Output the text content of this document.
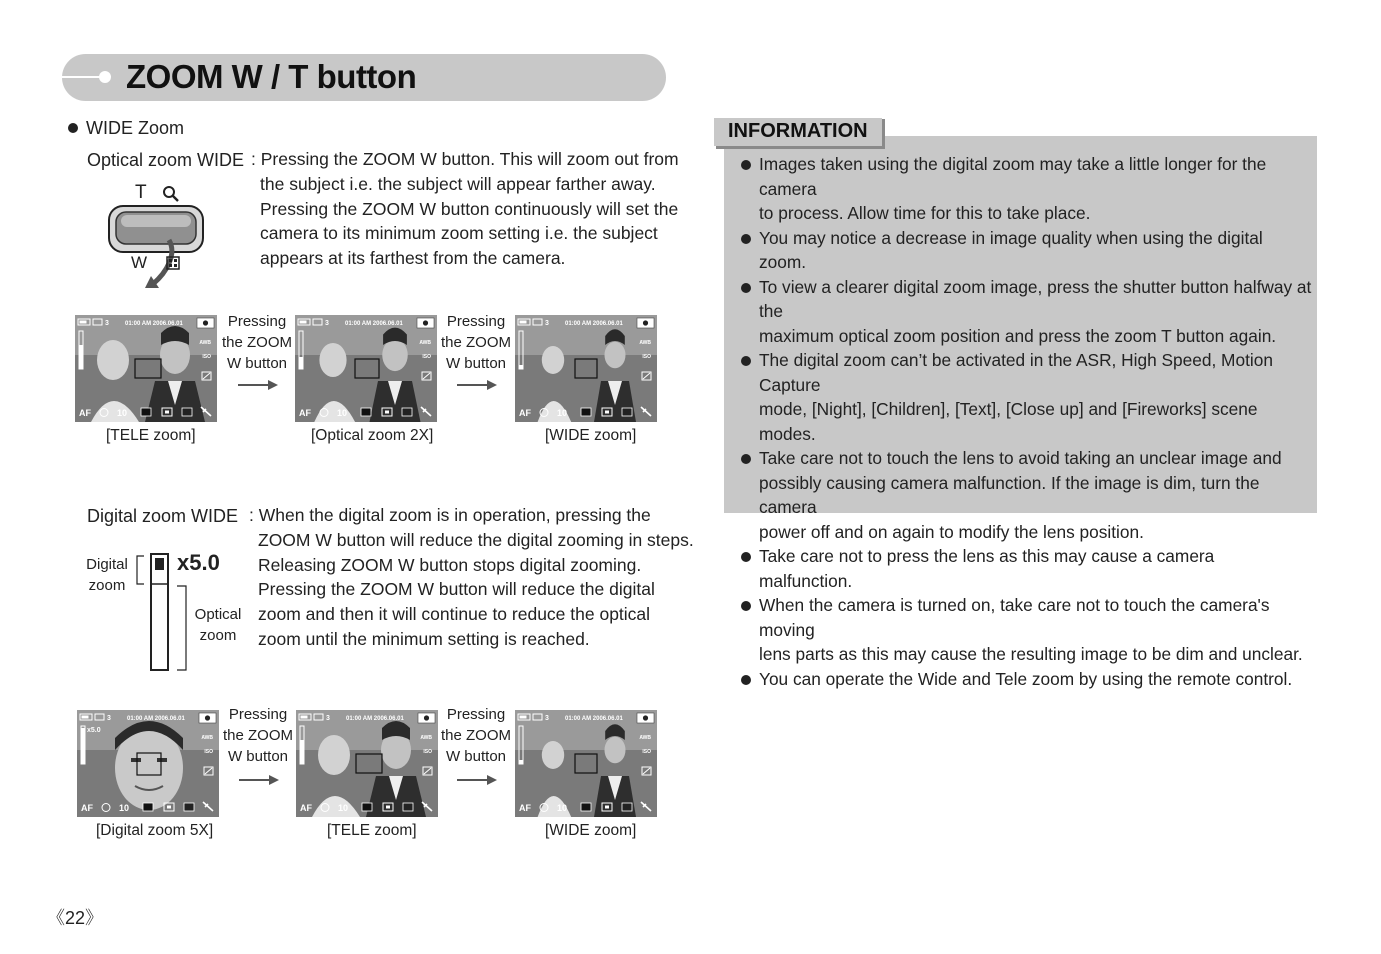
ZOOM W / T button
WIDE Zoom
Optical zoom WIDE : Pressing the ZOOM W button. This will zoom out from
the subject i.e. the subject will appear farther away.
Pressing the ZOOM W button continuously will set the
camera to its minimum zoom setting i.e. the subject
appears at its farthest from the camera.
T
W
3	01:00 AM 2006.06.01
AWB
ISO
AF	10
3	01:00 AM 2006.06.01
AWB
ISO
AF	10
3	01:00 AM 2006.06.01
AWB
ISO
AF	10
Pressing
the ZOOM
W button
Pressing
the ZOOM
W button
[TELE zoom]	[Optical zoom 2X]	[WIDE zoom]
Digital zoom WIDE : When the digital zoom is in operation, pressing the
ZOOM W button will reduce the digital zooming in steps.
Releasing ZOOM W button stops digital zooming.
Pressing the ZOOM W button will reduce the digital
zoom and then it will continue to reduce the optical
zoom until the minimum setting is reached.
Digital
zoom
x5.0
Optical
zoom
3	01:00 AM 2006.06.01
x5.0
AWB
ISO
AF	10
3	01:00 AM 2006.06.01
AWB
ISO
AF	10
3	01:00 AM 2006.06.01
AWB
ISO
AF	10
Pressing
the ZOOM
W button
Pressing
the ZOOM
W button
[Digital zoom 5X]	[TELE zoom]	[WIDE zoom]
INFORMATION
Images taken using the digital zoom may take a little longer for the camera
to process. Allow time for this to take place.
You may notice a decrease in image quality when using the digital zoom.
To view a clearer digital zoom image, press the shutter button halfway at the
maximum optical zoom position and press the zoom T button again.
The digital zoom can’t be activated in the ASR, High Speed, Motion Capture
mode, [Night], [Children], [Text], [Close up] and [Fireworks] scene modes.
Take care not to touch the lens to avoid taking an unclear image and
possibly causing camera malfunction. If the image is dim, turn the camera
power off and on again to modify the lens position.
Take care not to press the lens as this may cause a camera malfunction.
When the camera is turned on, take care not to touch the camera's moving
lens parts as this may cause the resulting image to be dim and unclear.
You can operate the Wide and Tele zoom by using the remote control.
《22》
